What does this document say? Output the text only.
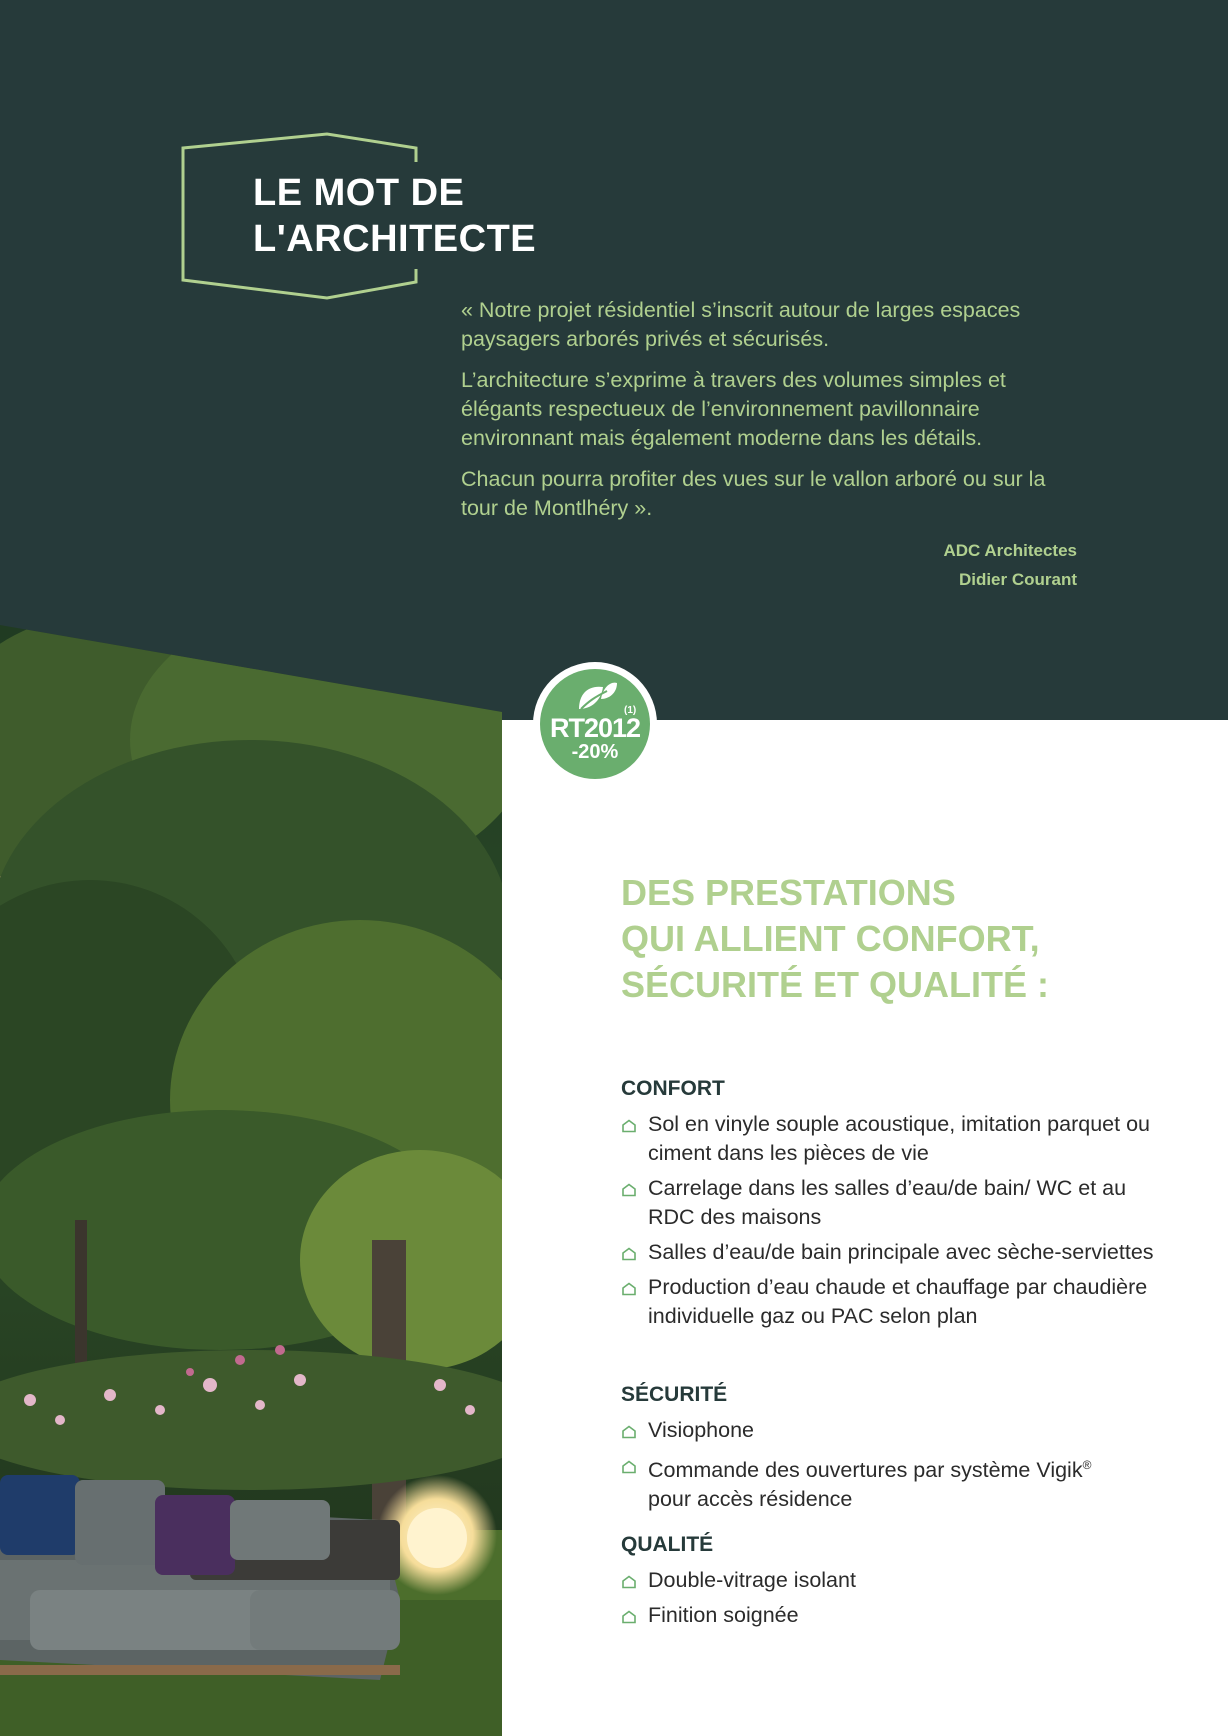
LE MOT DE
L'ARCHITECTE

« Notre projet résidentiel s’inscrit autour de larges espaces paysagers arborés privés et sécurisés.

L’architecture s’exprime à travers des volumes simples et élégants respectueux de l’environnement pavillonnaire environnant mais également moderne dans les détails.

Chacun pourra profiter des vues sur le vallon arboré ou sur la tour de Montlhéry ».

ADC Architectes
Didier Courant
(1)
RT2012
-20%
DES PRESTATIONS
QUI ALLIENT CONFORT,
SÉCURITÉ ET QUALITÉ :
CONFORT
Sol en vinyle souple acoustique, imitation parquet ou ciment dans les pièces de vie
Carrelage dans les salles d’eau/de bain/ WC et au RDC des maisons
Salles d’eau/de bain principale avec sèche-serviettes
Production d’eau chaude et chauffage par chaudière individuelle gaz ou PAC selon plan
SÉCURITÉ
Visiophone
Commande des ouvertures par système Vigik®
pour accès résidence
QUALITÉ
Double-vitrage isolant
Finition soignée
